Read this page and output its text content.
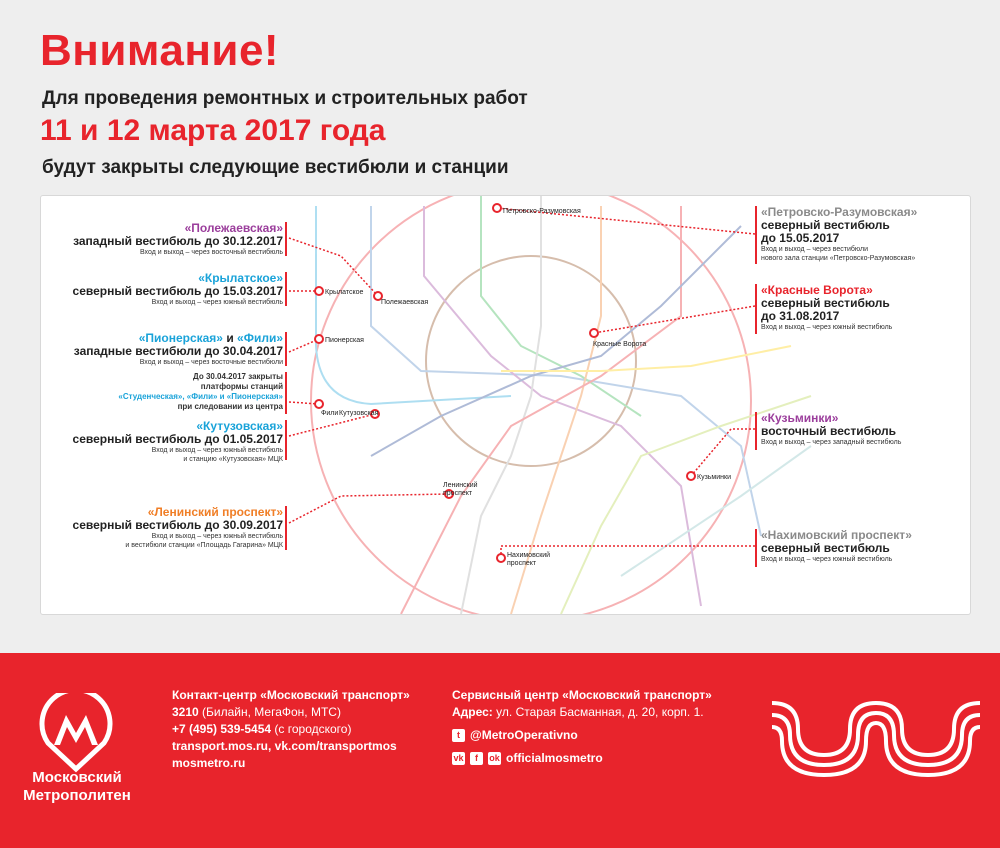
Внимание!
Для проведения ремонтных и строительных работ
11 и 12 марта 2017 года
будут закрыты следующие вестибюли и станции
Полежаевская
Крылатское
Пионерская
Фили Кутузовская
Петровско-Разумовская
Красные Ворота
Кузьминки
Ленинский
проспект
Нахимовский
проспект
«Полежаевская»
западный вестибюль до 30.12.2017
Вход и выход – через восточный вестибюль
«Крылатское»
северный вестибюль до 15.03.2017
Вход и выход – через южный вестибюль
«Пионерская» и «Фили»
западные вестибюли до 30.04.2017
Вход и выход – через восточные вестибюли
До 30.04.2017 закрыты
платформы станций
«Студенческая», «Фили» и «Пионерская»
при следовании из центра
«Кутузовская»
северный вестибюль до 01.05.2017
Вход и выход – через южный вестибюль
и станцию «Кутузовская» МЦК
«Ленинский проспект»
северный вестибюль до 30.09.2017
Вход и выход – через южный вестибюль
и вестибюли станции «Площадь Гагарина» МЦК
«Петровско-Разумовская»
северный вестибюль
до 15.05.2017
Вход и выход – через вестибюли
нового зала станции «Петровско-Разумовская»
«Красные Ворота»
северный вестибюль
до 31.08.2017
Вход и выход – через южный вестибюль
«Кузьминки»
восточный вестибюль
Вход и выход – через западный вестибюль
«Нахимовский проспект»
северный вестибюль
Вход и выход – через южный вестибюль
Московский
Метрополитен
Контакт-центр «Московский транспорт»
3210 (Билайн, МегаФон, МТС)
+7 (495) 539-5454 (с городского)
transport.mos.ru, vk.com/transportmos
mosmetro.ru
Сервисный центр «Московский транспорт»
Адрес: ул. Старая Басманная, д. 20, корп. 1.
t @MetroOperativno
vk	f	ok officialmosmetro
